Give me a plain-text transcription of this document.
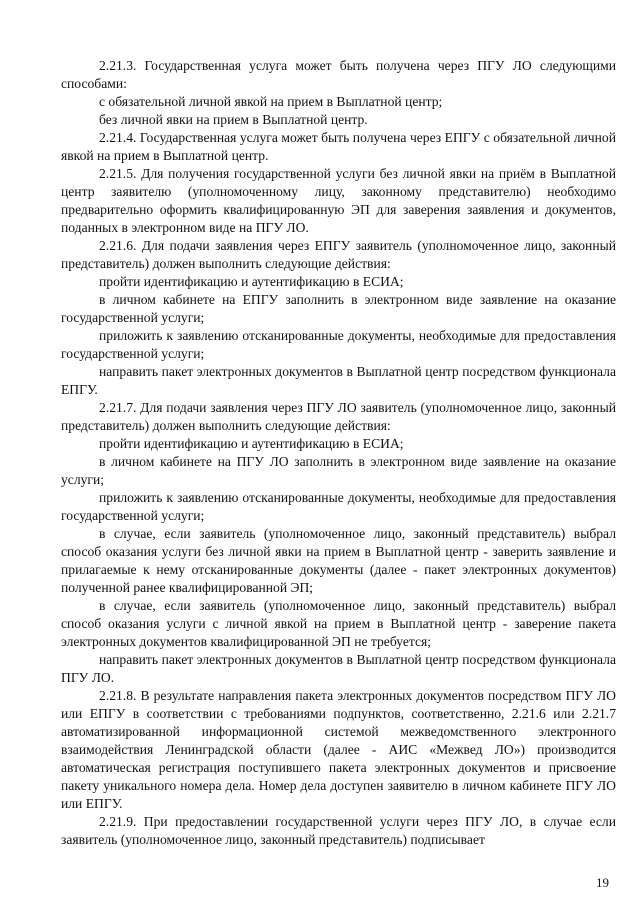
2.21.3. Государственная услуга может быть получена через ПГУ ЛО следующими способами:

с обязательной личной явкой на прием в Выплатной центр;

без личной явки на прием в Выплатной центр.

2.21.4. Государственная услуга может быть получена через ЕПГУ с обязательной личной явкой на прием в Выплатной центр.

2.21.5. Для получения государственной услуги без личной явки на приём в Выплатной центр заявителю (уполномоченному лицу, законному представителю) необходимо предварительно оформить квалифицированную ЭП для заверения заявления и документов, поданных в электронном виде на ПГУ ЛО.

2.21.6. Для подачи заявления через ЕПГУ заявитель (уполномоченное лицо, законный представитель) должен выполнить следующие действия:

пройти идентификацию и аутентификацию в ЕСИА;

в личном кабинете на ЕПГУ заполнить в электронном виде заявление на оказание государственной услуги;

приложить к заявлению отсканированные документы, необходимые для предоставления государственной услуги;

направить пакет электронных документов в Выплатной центр посредством функционала ЕПГУ.

2.21.7. Для подачи заявления через ПГУ ЛО заявитель (уполномоченное лицо, законный представитель) должен выполнить следующие действия:

пройти идентификацию и аутентификацию в ЕСИА;

в личном кабинете на ПГУ ЛО заполнить в электронном виде заявление на оказание услуги;

приложить к заявлению отсканированные документы, необходимые для предоставления государственной услуги;

в случае, если заявитель (уполномоченное лицо, законный представитель) выбрал способ оказания услуги без личной явки на прием в Выплатной центр - заверить заявление и прилагаемые к нему отсканированные документы (далее - пакет электронных документов) полученной ранее квалифицированной ЭП;

в случае, если заявитель (уполномоченное лицо, законный представитель) выбрал способ оказания услуги с личной явкой на прием в Выплатной центр - заверение пакета электронных документов квалифицированной ЭП не требуется;

направить пакет электронных документов в Выплатной центр посредством функционала ПГУ ЛО.

2.21.8. В результате направления пакета электронных документов посредством ПГУ ЛО или ЕПГУ в соответствии с требованиями подпунктов, соответственно, 2.21.6 или 2.21.7 автоматизированной информационной системой межведомственного электронного взаимодействия Ленинградской области (далее - АИС «Межвед ЛО») производится автоматическая регистрация поступившего пакета электронных документов и присвоение пакету уникального номера дела. Номер дела доступен заявителю в личном кабинете ПГУ ЛО или ЕПГУ.

2.21.9. При предоставлении государственной услуги через ПГУ ЛО, в случае если заявитель (уполномоченное лицо, законный представитель) подписывает

19
